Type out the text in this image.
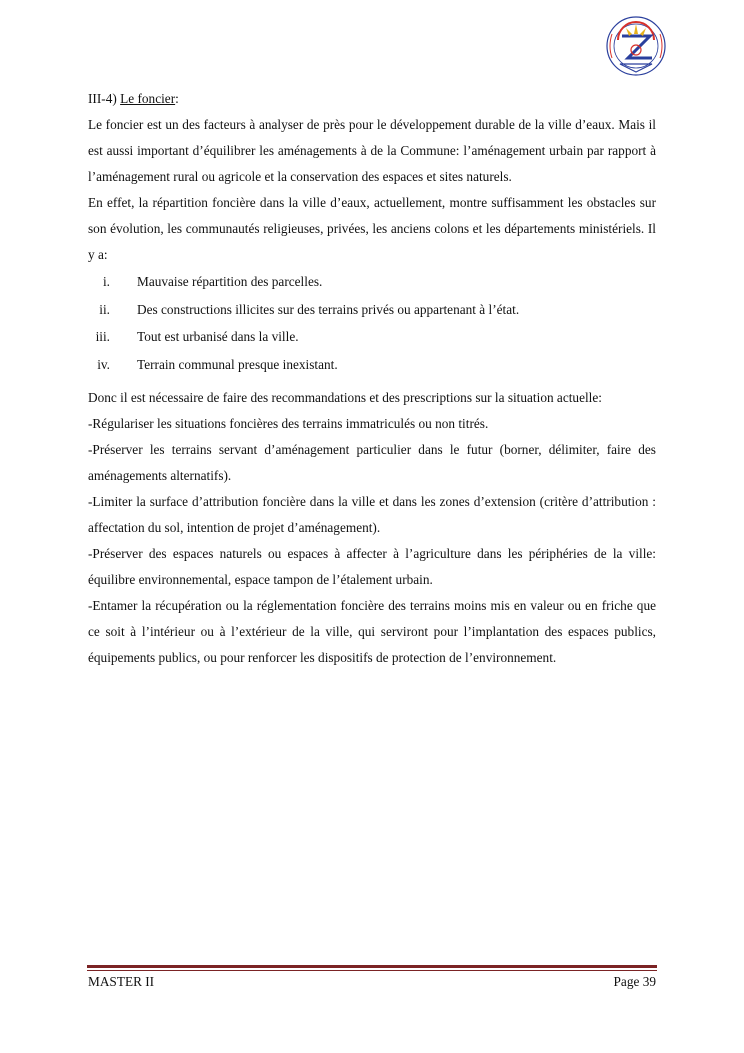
III-4) Le foncier:

Le foncier est un des facteurs à analyser de près pour le développement durable de la ville d’eaux. Mais il est aussi important d’équilibrer les aménagements à de la Commune: l’aménagement urbain par rapport à l’aménagement rural ou agricole et la conservation des espaces et sites naturels.

En effet, la répartition foncière dans la ville d’eaux, actuellement, montre suffisamment les obstacles sur son évolution, les communautés religieuses, privées, les anciens colons et les départements ministériels. Il y a:

i. Mauvaise répartition des parcelles.
ii. Des constructions illicites sur des terrains privés ou appartenant à l’état.
iii. Tout est urbanisé dans la ville.
iv. Terrain communal presque inexistant.

Donc il est nécessaire de faire des recommandations et des prescriptions sur la situation actuelle:

-Régulariser les situations foncières des terrains immatriculés ou non titrés.

-Préserver les terrains servant d’aménagement particulier dans le futur (borner, délimiter, faire des aménagements alternatifs).

-Limiter la surface d’attribution foncière dans la ville et dans les zones d’extension (critère d’attribution : affectation du sol, intention de projet d’aménagement).

-Préserver des espaces naturels ou espaces à affecter à l’agriculture dans les périphéries de la ville: équilibre environnemental, espace tampon de l’étalement urbain.

-Entamer la récupération ou la réglementation foncière des terrains moins mis en valeur ou en friche que ce soit à l’intérieur ou à l’extérieur de la ville, qui serviront pour l’implantation des espaces publics, équipements publics, ou pour renforcer les dispositifs de protection de l’environnement.

MASTER II	Page 39
